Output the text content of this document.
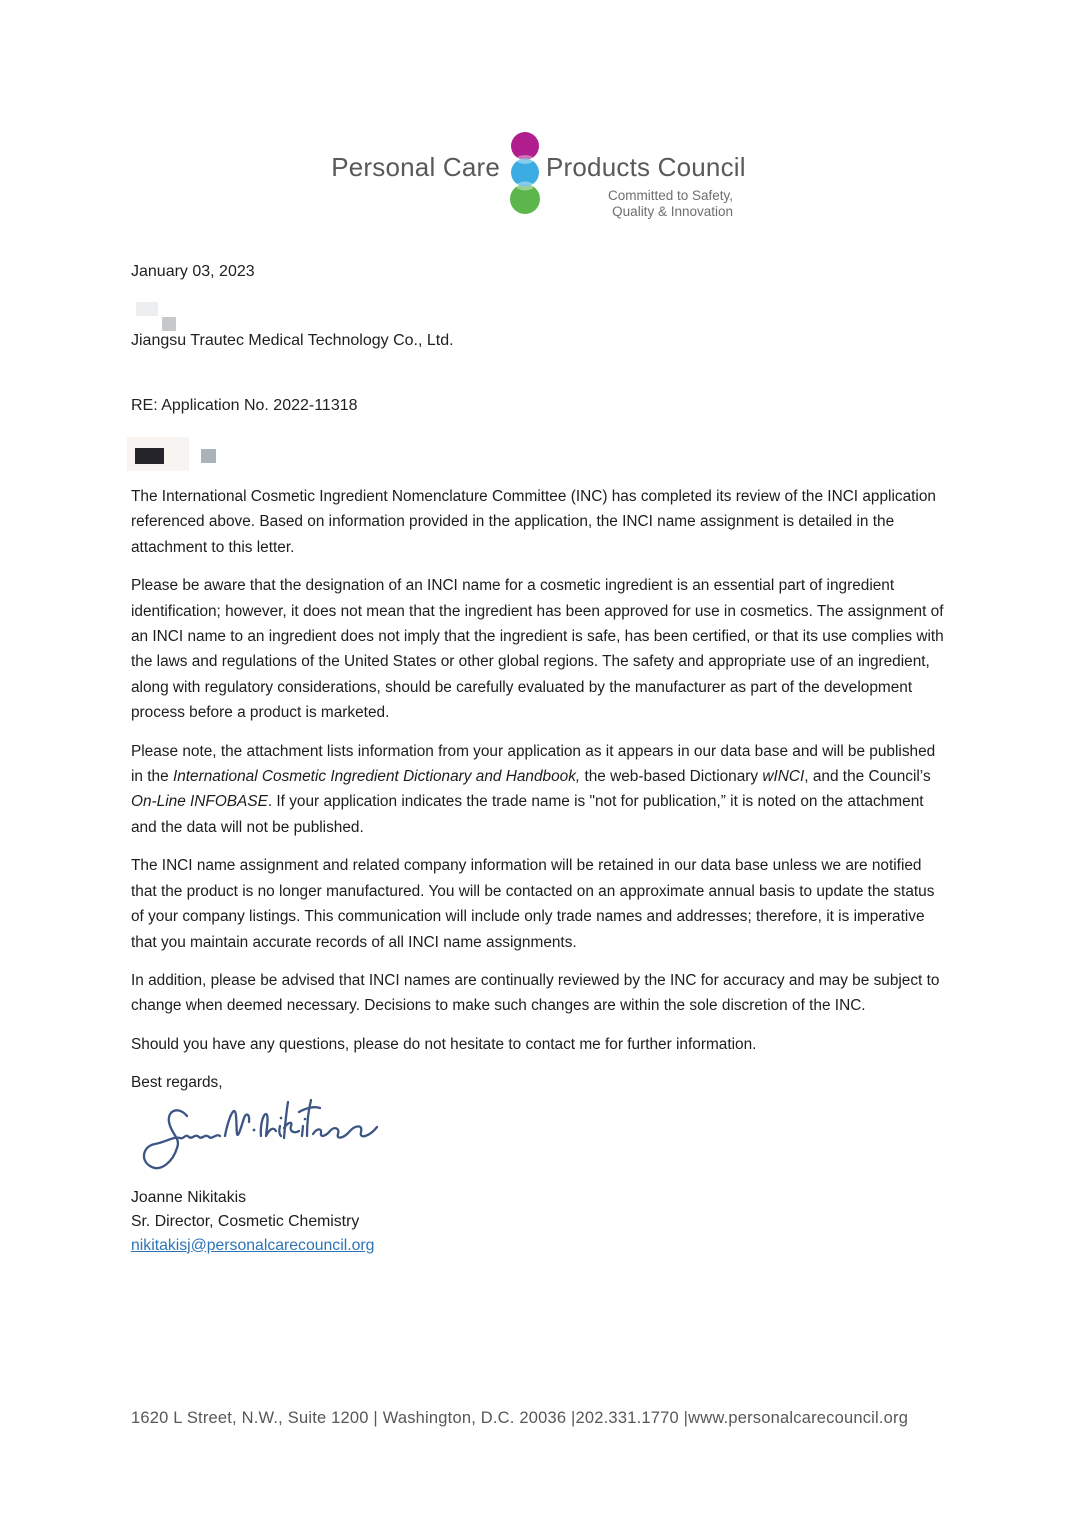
Personal Care Products Council
Committed to Safety,
Quality & Innovation
January 03, 2023
Jiangsu Trautec Medical Technology Co., Ltd.
RE: Application No. 2022-11318

The International Cosmetic Ingredient Nomenclature Committee (INC) has completed its review of the INCI application referenced above. Based on information provided in the application, the INCI name assignment is detailed in the attachment to this letter.

Please be aware that the designation of an INCI name for a cosmetic ingredient is an essential part of ingredient identification; however, it does not mean that the ingredient has been approved for use in cosmetics. The assignment of an INCI name to an ingredient does not imply that the ingredient is safe, has been certified, or that its use complies with the laws and regulations of the United States or other global regions. The safety and appropriate use of an ingredient, along with regulatory considerations, should be carefully evaluated by the manufacturer as part of the development process before a product is marketed.

Please note, the attachment lists information from your application as it appears in our data base and will be published in the International Cosmetic Ingredient Dictionary and Handbook, the web-based Dictionary wINCI, and the Council’s On-Line INFOBASE. If your application indicates the trade name is "not for publication,” it is noted on the attachment and the data will not be published.

The INCI name assignment and related company information will be retained in our data base unless we are notified that the product is no longer manufactured. You will be contacted on an approximate annual basis to update the status of your company listings. This communication will include only trade names and addresses; therefore, it is imperative that you maintain accurate records of all INCI name assignments.

In addition, please be advised that INCI names are continually reviewed by the INC for accuracy and may be subject to change when deemed necessary. Decisions to make such changes are within the sole discretion of the INC.

Should you have any questions, please do not hesitate to contact me for further information.

Best regards,

Joanne Nikitakis
Sr. Director, Cosmetic Chemistry
nikitakisj@personalcarecouncil.org
1620 L Street, N.W., Suite 1200 | Washington, D.C. 20036 |202.331.1770 |www.personalcarecouncil.org
